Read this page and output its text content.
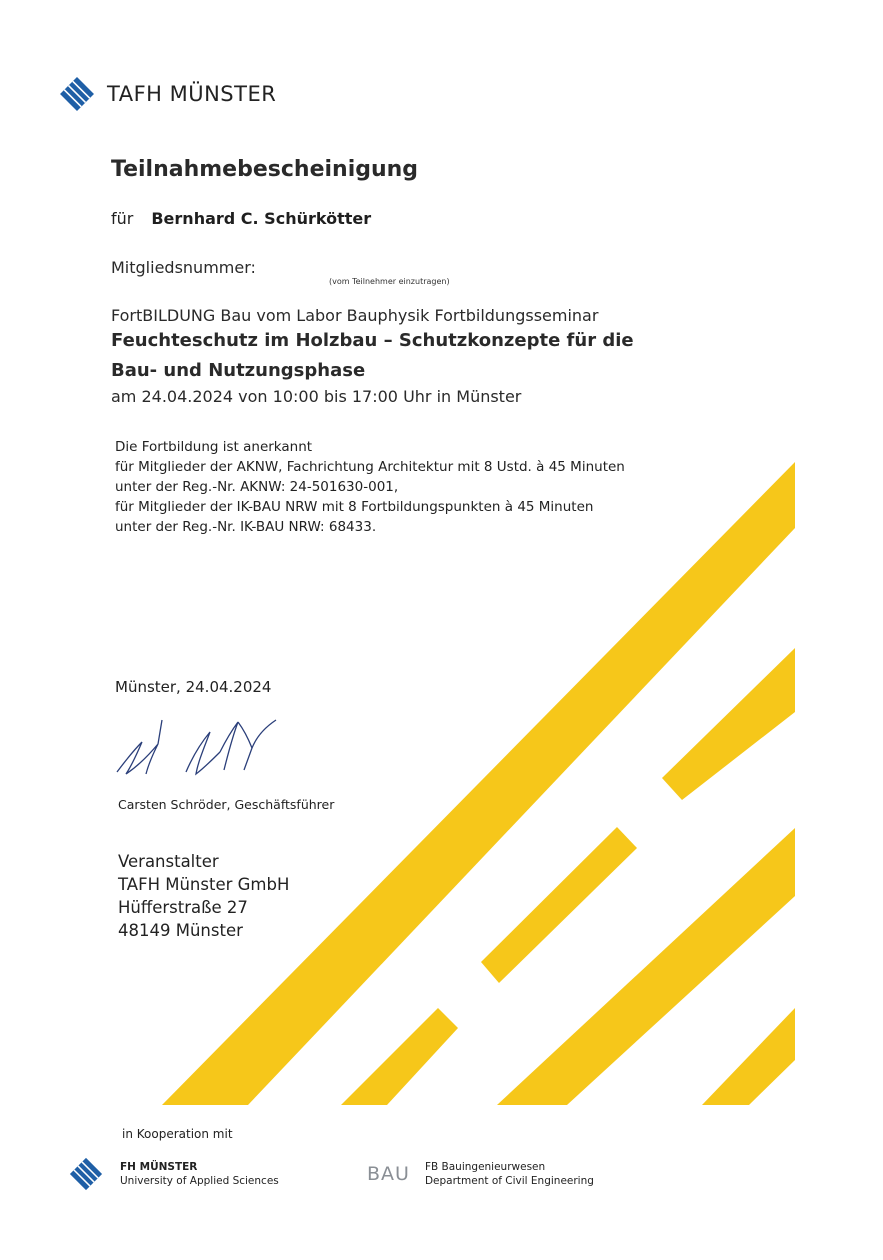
TAFH MÜNSTER
Teilnahmebescheinigung
für Bernhard C. Schürkötter
Mitgliedsnummer:
(vom Teilnehmer einzutragen)
FortBILDUNG Bau vom Labor Bauphysik Fortbildungsseminar
Feuchteschutz im Holzbau – Schutzkonzepte für die
Bau- und Nutzungsphase
am 24.04.2024 von 10:00 bis 17:00 Uhr in Münster
Die Fortbildung ist anerkannt
für Mitglieder der AKNW, Fachrichtung Architektur mit 8 Ustd. à 45 Minuten
unter der Reg.-Nr. AKNW: 24-501630-001,
für Mitglieder der IK-BAU NRW mit 8 Fortbildungspunkten à 45 Minuten
unter der Reg.-Nr. IK-BAU NRW: 68433.
Münster, 24.04.2024
Carsten Schröder, Geschäftsführer
Veranstalter
TAFH Münster GmbH
Hüfferstraße 27
48149 Münster
in Kooperation mit
FH MÜNSTER
University of Applied Sciences	BAU FB Bauingenieurwesen
Department of Civil Engineering
